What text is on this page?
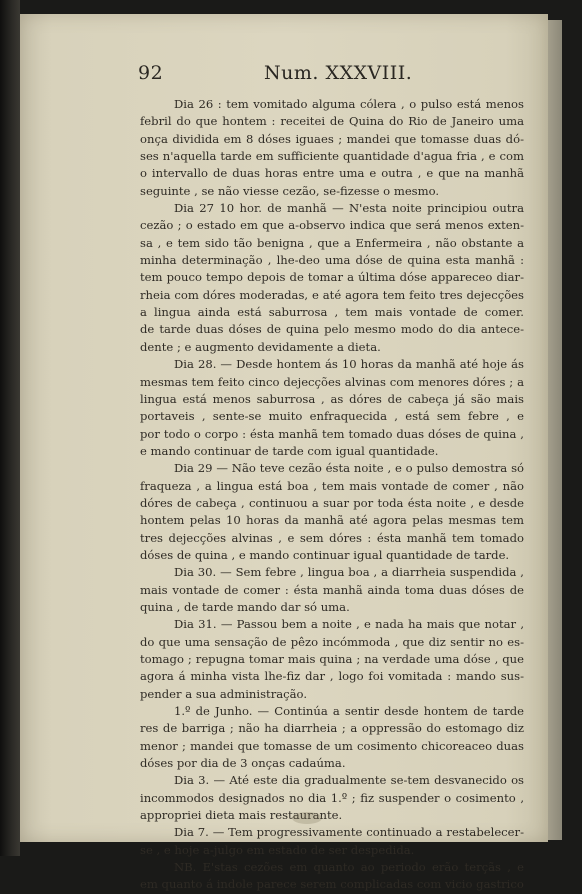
92	Num. XXXVIII.
Dia 26 : tem vomitado alguma cólera , o pulso está menos
febril do que hontem : receitei de Quina do Rio de Janeiro uma
onça dividida em 8 dóses iguaes ; mandei que tomasse duas dó-
ses n'aquella tarde em sufficiente quantidade d'agua fria , e com
o intervallo de duas horas entre uma e outra , e que na manhã
seguinte , se não viesse cezão, se-fizesse o mesmo.
Dia 27 10 hor. de manhã — N'esta noite principiou outra
cezão ; o estado em que a-observo indica que será menos exten-
sa , e tem sido tão benigna , que a Enfermeira , não obstante a
minha determinação , lhe-deo uma dóse de quina esta manhã :
tem pouco tempo depois de tomar a última dóse appareceo diar-
rheia com dóres moderadas, e até agora tem feito tres dejecções
a lingua ainda está saburrosa , tem mais vontade de comer.
de tarde duas dóses de quina pelo mesmo modo do dia antece-
dente ; e augmento devidamente a dieta.
Dia 28. — Desde hontem ás 10 horas da manhã até hoje ás
mesmas tem feito cinco dejecções alvinas com menores dóres ; a
lingua está menos saburrosa , as dóres de cabeça já são mais
portaveis , sente-se muito enfraquecida , está sem febre , e
por todo o corpo : ésta manhã tem tomado duas dóses de quina ,
e mando continuar de tarde com igual quantidade.
Dia 29 — Não teve cezão ésta noite , e o pulso demostra só
fraqueza , a lingua está boa , tem mais vontade de comer , não
dóres de cabeça , continuou a suar por toda ésta noite , e desde
hontem pelas 10 horas da manhã até agora pelas mesmas tem
tres dejecções alvinas , e sem dóres : ésta manhã tem tomado
dóses de quina , e mando continuar igual quantidade de tarde.
Dia 30. — Sem febre , lingua boa , a diarrheia suspendida ,
mais vontade de comer : ésta manhã ainda toma duas dóses de
quina , de tarde mando dar só uma.
Dia 31. — Passou bem a noite , e nada ha mais que notar ,
do que uma sensação de pêzo incómmoda , que diz sentir no es-
tomago ; repugna tomar mais quina ; na verdade uma dóse , que
agora á minha vista lhe-fiz dar , logo foi vomitada : mando sus-
pender a sua administração.
1.º de Junho. — Continúa a sentir desde hontem de tarde
res de barriga ; não ha diarrheia ; a oppressão do estomago diz
menor ; mandei que tomasse de um cosimento chicoreaceo duas
dóses por dia de 3 onças cadaúma.
Dia 3. — Até este dia gradualmente se-tem desvanecido os
incommodos designados no dia 1.º ; fiz suspender o cosimento ,
appropriei dieta mais restaurante.
Dia 7. — Tem progressivamente continuado a restabelecer-
se , e hoje a-julgo em estado de ser despedida.
NB. E'stas cezões em quanto ao periodo erão terçãs , e
em quanto á indole parece serem complicadas com vicio gastrico
